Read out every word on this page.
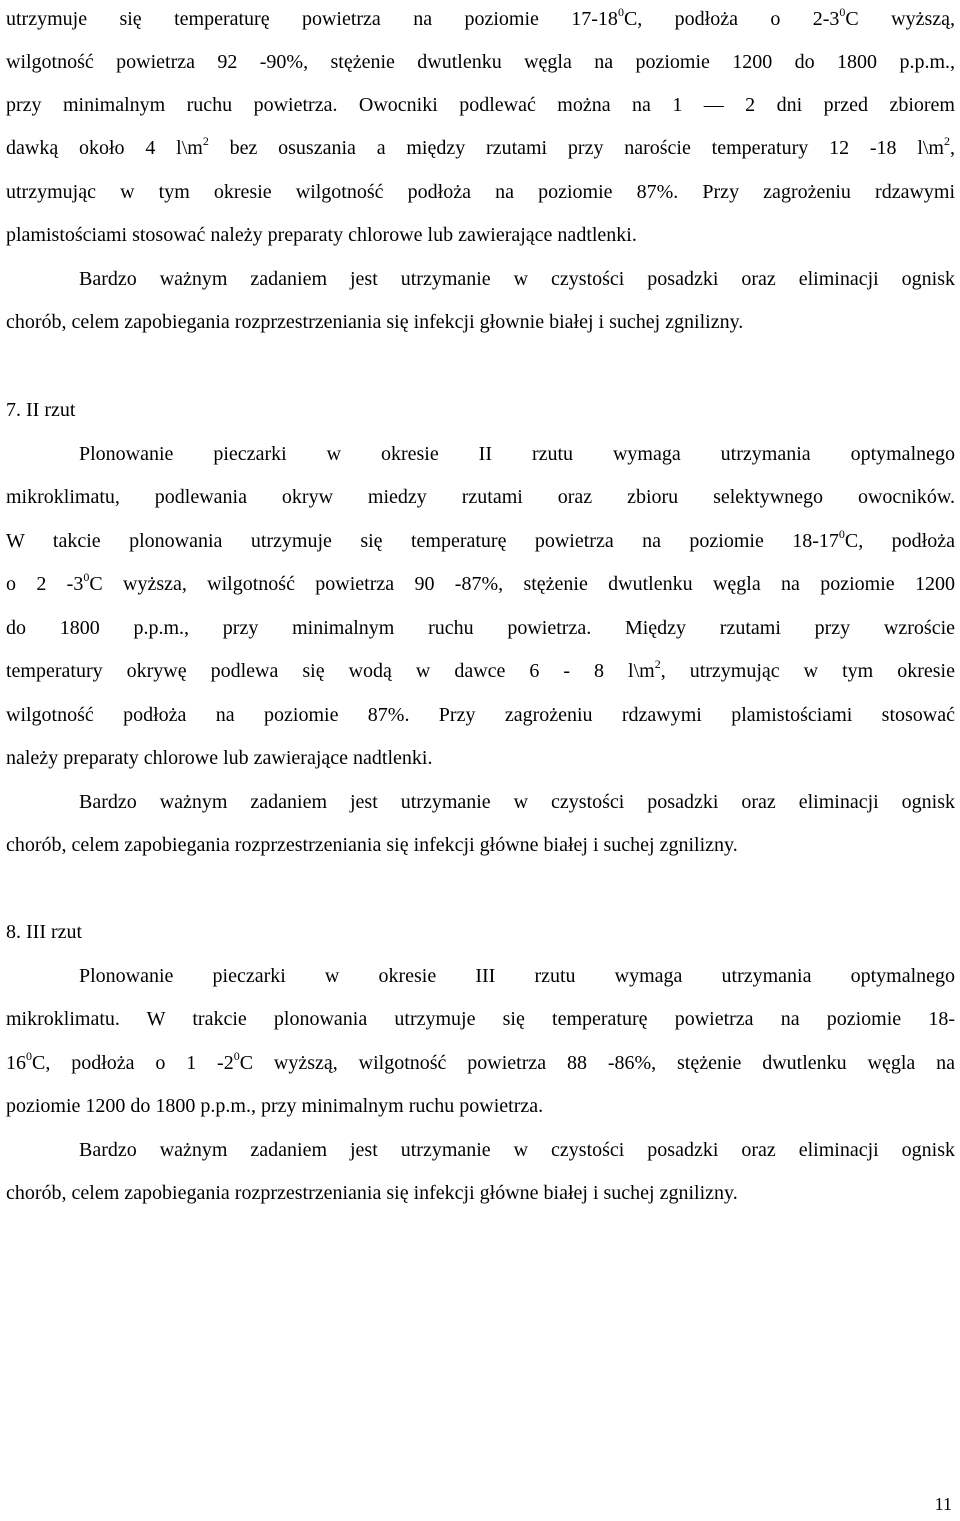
utrzymuje się temperaturę powietrza na poziomie $17-18^0C$, podłoża o $2-3^0C$ wyższą,
wilgotność powietrza 92 -90%, stężenie dwutlenku węgla na poziomie 1200 do 1800 p.p.m.,
przy minimalnym ruchu powietrza. Owocniki podlewać można na 1 ― 2 dni przed zbiorem
dawką około 4 $l\backslash m^2$ bez osuszania a między rzutami przy naroście temperatury 12 -18 $l\backslash m^2$,
utrzymując w tym okresie wilgotność podłoża na poziomie 87%. Przy zagrożeniu rdzawymi
plamistościami stosować należy preparaty chlorowe lub zawierające nadtlenki.
Bardzo ważnym zadaniem jest utrzymanie w czystości posadzki oraz eliminacji ognisk
chorób, celem zapobiegania rozprzestrzeniania się infekcji głownie białej i suchej zgnilizny.
7. II rzut
Plonowanie pieczarki w okresie II rzutu wymaga utrzymania optymalnego
mikroklimatu, podlewania okryw miedzy rzutami oraz zbioru selektywnego owocników.
W takcie plonowania utrzymuje się temperaturę powietrza na poziomie $18-17^0C$, podłoża
o 2 $-3^0C$ wyższa, wilgotność powietrza 90 -87%, stężenie dwutlenku węgla na poziomie 1200
do 1800 p.p.m., przy minimalnym ruchu powietrza. Między rzutami przy wzroście
temperatury okrywę podlewa się wodą w dawce 6 - 8 $l\backslash m^2$, utrzymując w tym okresie
wilgotność podłoża na poziomie 87%. Przy zagrożeniu rdzawymi plamistościami stosować
należy preparaty chlorowe lub zawierające nadtlenki.
Bardzo ważnym zadaniem jest utrzymanie w czystości posadzki oraz eliminacji ognisk
chorób, celem zapobiegania rozprzestrzeniania się infekcji główne białej i suchej zgnilizny.
8. III rzut
Plonowanie pieczarki w okresie III rzutu wymaga utrzymania optymalnego
mikroklimatu. W trakcie plonowania utrzymuje się temperaturę powietrza na poziomie 18-
$16^0C$, podłoża o 1 $-2^0C$ wyższą, wilgotność powietrza 88 -86%, stężenie dwutlenku węgla na
poziomie 1200 do 1800 p.p.m., przy minimalnym ruchu powietrza.
Bardzo ważnym zadaniem jest utrzymanie w czystości posadzki oraz eliminacji ognisk
chorób, celem zapobiegania rozprzestrzeniania się infekcji główne białej i suchej zgnilizny.
11
